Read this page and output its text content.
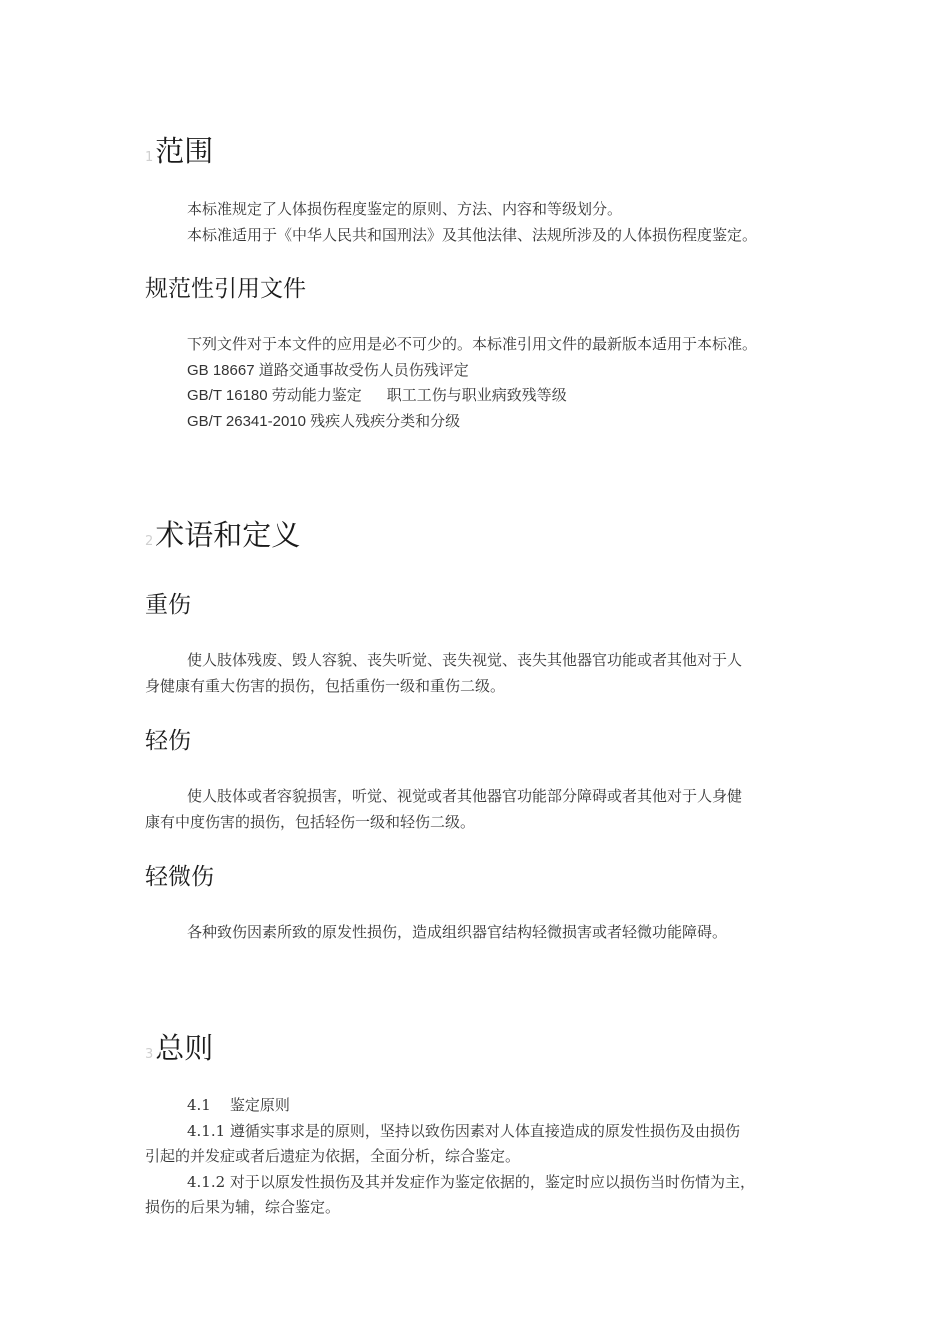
1范围
本标准规定了人体损伤程度鉴定的原则、方法、内容和等级划分。
本标准适用于《中华人民共和国刑法》及其他法律、法规所涉及的人体损伤程度鉴定。
规范性引用文件
下列文件对于本文件的应用是必不可少的。本标准引用文件的最新版本适用于本标准。
GB 18667 道路交通事故受伤人员伤残评定
GB/T 16180 劳动能力鉴定      职工工伤与职业病致残等级
GB/T 26341-2010 残疾人残疾分类和分级
2术语和定义
重伤
使人肢体残废、毁人容貌、丧失听觉、丧失视觉、丧失其他器官功能或者其他对于人
身健康有重大伤害的损伤，包括重伤一级和重伤二级。
轻伤
使人肢体或者容貌损害，听觉、视觉或者其他器官功能部分障碍或者其他对于人身健
康有中度伤害的损伤，包括轻伤一级和轻伤二级。
轻微伤
各种致伤因素所致的原发性损伤，造成组织器官结构轻微损害或者轻微功能障碍。
3总则
4.1    鉴定原则
4.1.1 遵循实事求是的原则，坚持以致伤因素对人体直接造成的原发性损伤及由损伤
引起的并发症或者后遗症为依据，全面分析，综合鉴定。
4.1.2 对于以原发性损伤及其并发症作为鉴定依据的，鉴定时应以损伤当时伤情为主，
损伤的后果为辅，综合鉴定。
